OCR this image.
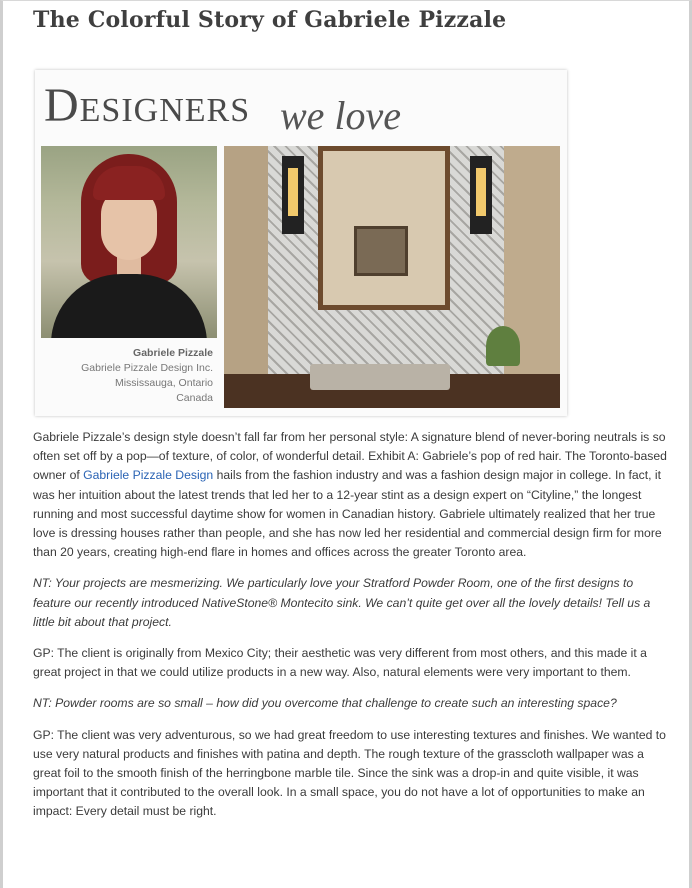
The Colorful Story of Gabriele Pizzale
Designers we love
Gabriele Pizzale
Gabriele Pizzale Design Inc.
Mississauga, Ontario
Canada

Gabriele Pizzale’s design style doesn’t fall far from her personal style: A signature blend of never-boring neutrals is so often set off by a pop—of texture, of color, of wonderful detail. Exhibit A: Gabriele’s pop of red hair. The Toronto-based owner of Gabriele Pizzale Design hails from the fashion industry and was a fashion design major in college. In fact, it was her intuition about the latest trends that led her to a 12-year stint as a design expert on “Cityline,” the longest running and most successful daytime show for women in Canadian history. Gabriele ultimately realized that her true love is dressing houses rather than people, and she has now led her residential and commercial design firm for more than 20 years, creating high-end flare in homes and offices across the greater Toronto area.

NT: Your projects are mesmerizing. We particularly love your Stratford Powder Room, one of the first designs to feature our recently introduced NativeStone® Montecito sink. We can’t quite get over all the lovely details! Tell us a little bit about that project.

GP: The client is originally from Mexico City; their aesthetic was very different from most others, and this made it a great project in that we could utilize products in a new way. Also, natural elements were very important to them.

NT: Powder rooms are so small – how did you overcome that challenge to create such an interesting space?

GP: The client was very adventurous, so we had great freedom to use interesting textures and finishes. We wanted to use very natural products and finishes with patina and depth. The rough texture of the grasscloth wallpaper was a great foil to the smooth finish of the herringbone marble tile. Since the sink was a drop-in and quite visible, it was important that it contributed to the overall look. In a small space, you do not have a lot of opportunities to make an impact: Every detail must be right.
